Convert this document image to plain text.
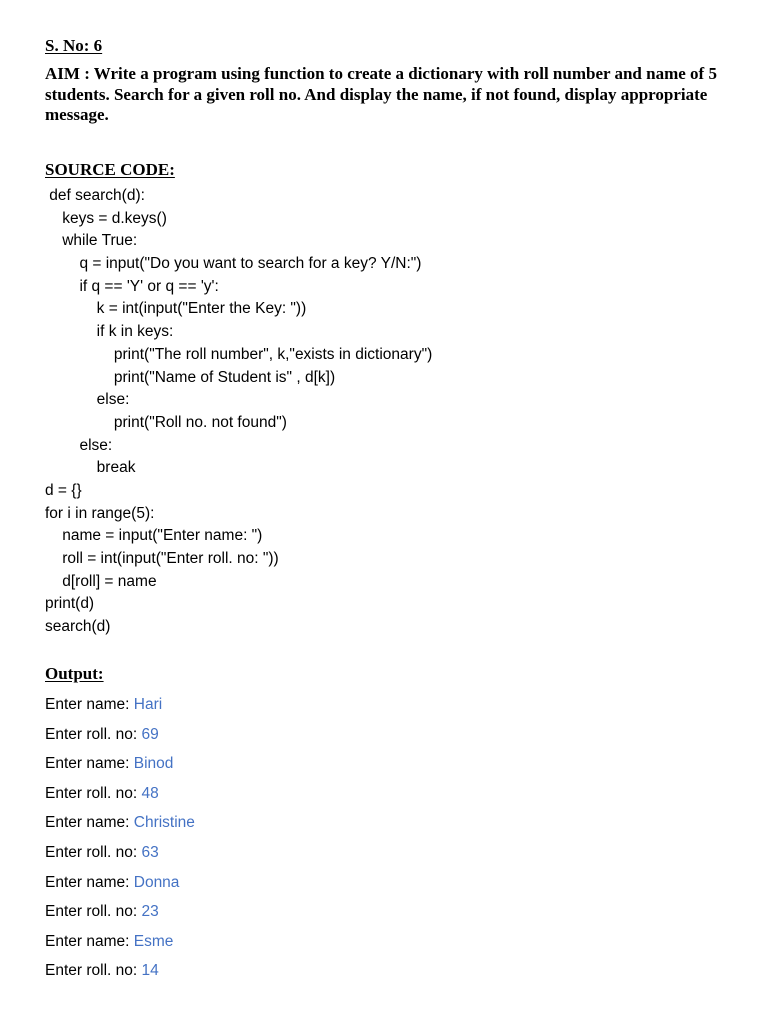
S. No: 6
AIM : Write a program using function to create a dictionary with roll number and name of 5 students. Search for a given roll no. And display the name, if not found, display appropriate message.
SOURCE CODE:
def search(d):
keys = d.keys()
while True:
q = input("Do you want to search for a key? Y/N:")
if q == 'Y' or q == 'y':
k = int(input("Enter the Key: "))
if k in keys:
print("The roll number", k,"exists in dictionary")
print("Name of Student is" , d[k])
else:
print("Roll no. not found")
else:
break
d = {}
for i in range(5):
name = input("Enter name: ")
roll = int(input("Enter roll. no: "))
d[roll] = name
print(d)
search(d)
Output:
Enter name: Hari
Enter roll. no: 69
Enter name: Binod
Enter roll. no: 48
Enter name: Christine
Enter roll. no: 63
Enter name: Donna
Enter roll. no: 23
Enter name: Esme
Enter roll. no: 14
